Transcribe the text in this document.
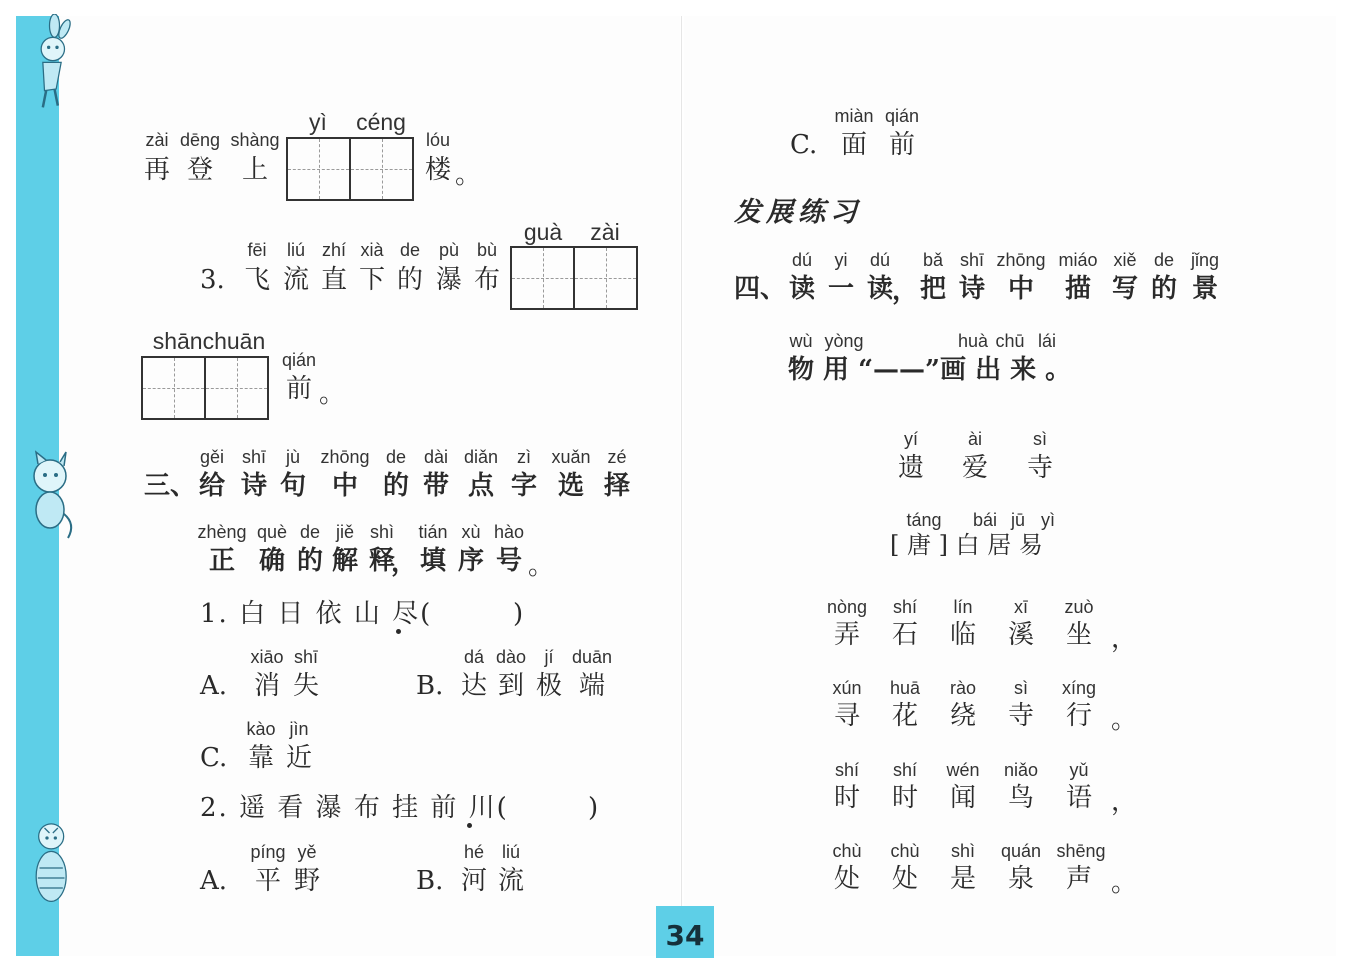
zài dēng shàng
再 登 上
yì céng
lóu
楼 。
3.
fēi liú zhí xià de pù bù
飞 流 直 下 的 瀑 布
guà zài
shānchuān
qián
前 。
三、
gěi shī jù zhōng de dài diǎn zì xuǎn zé
给 诗 句 中 的 带 点 字 选 择
zhèng què de jiě shì tián xù hào
正 确 的 解 释
， 填 序 号 。
1. 白 日 依 山 尽(	)
A.
xiāo shī
消 失	B.
dá dào jí duān
达 到 极 端
C.
kào jìn
靠 近
2. 遥 看 瀑 布 挂 前 川(	)
A.
píng yě
平 野	B.
hé liú
河 流
C.
miàn qián
面 前
发展练习
四、
dú yi dú
读 一 读
，
bǎ shī zhōng miáo xiě de jǐng
把 诗 中 描 写 的 景
wù yòng	huà chū lái
物 用 “——”画 出 来 。
yí	ài	sì
遗 爱 寺
táng bái jū yì
[ 唐 ] 白 居 易
nòng shí lín xī zuò
弄 石 临 溪 坐 ，
xún huā rào sì xíng
寻 花 绕 寺 行 。
shí shí wén niǎo yǔ
时 时 闻 鸟 语 ，
chù chù shì quán shēng
处 处 是 泉 声 。
34
